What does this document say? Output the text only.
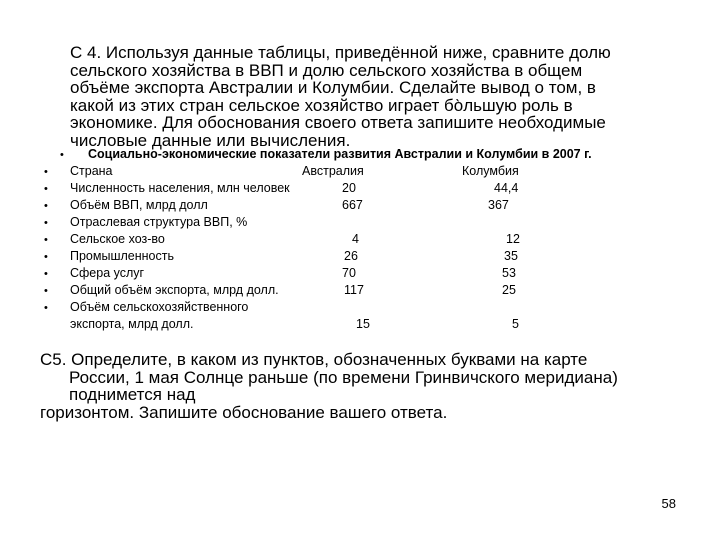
С 4. Используя данные таблицы, приведённой ниже, сравните долю
сельского хозяйства в ВВП и долю сельского хозяйства в общем
объёме экспорта Австралии и Колумбии. Сделайте вывод о том, в
какой из этих стран сельское хозяйство играет бо̀льшую роль в
экономике. Для обоснования своего ответа запишите необходимые
числовые данные или вычисления.
•
•
•
•
•
•
•
•
•
•
Социально-экономические показатели развития Австралии и Колумбии в 2007 г.
Страна	Австралия	Колумбия
Численность населения, млн человек	20	44,4
Объём ВВП, млрд долл	667	367
Отраслевая структура ВВП, %
Сельское хоз-во	4	12
Промышленность	26	35
Сфера услуг	70	53
Общий объём экспорта, млрд долл.	117	25
Объём сельскохозяйственного
экспорта, млрд долл.	15	5
С5. Определите, в каком из пунктов, обозначенных буквами на карте
России, 1 мая Солнце раньше (по времени Гринвичского меридиана)
поднимется над
горизонтом. Запишите обоснование вашего ответа.
58
